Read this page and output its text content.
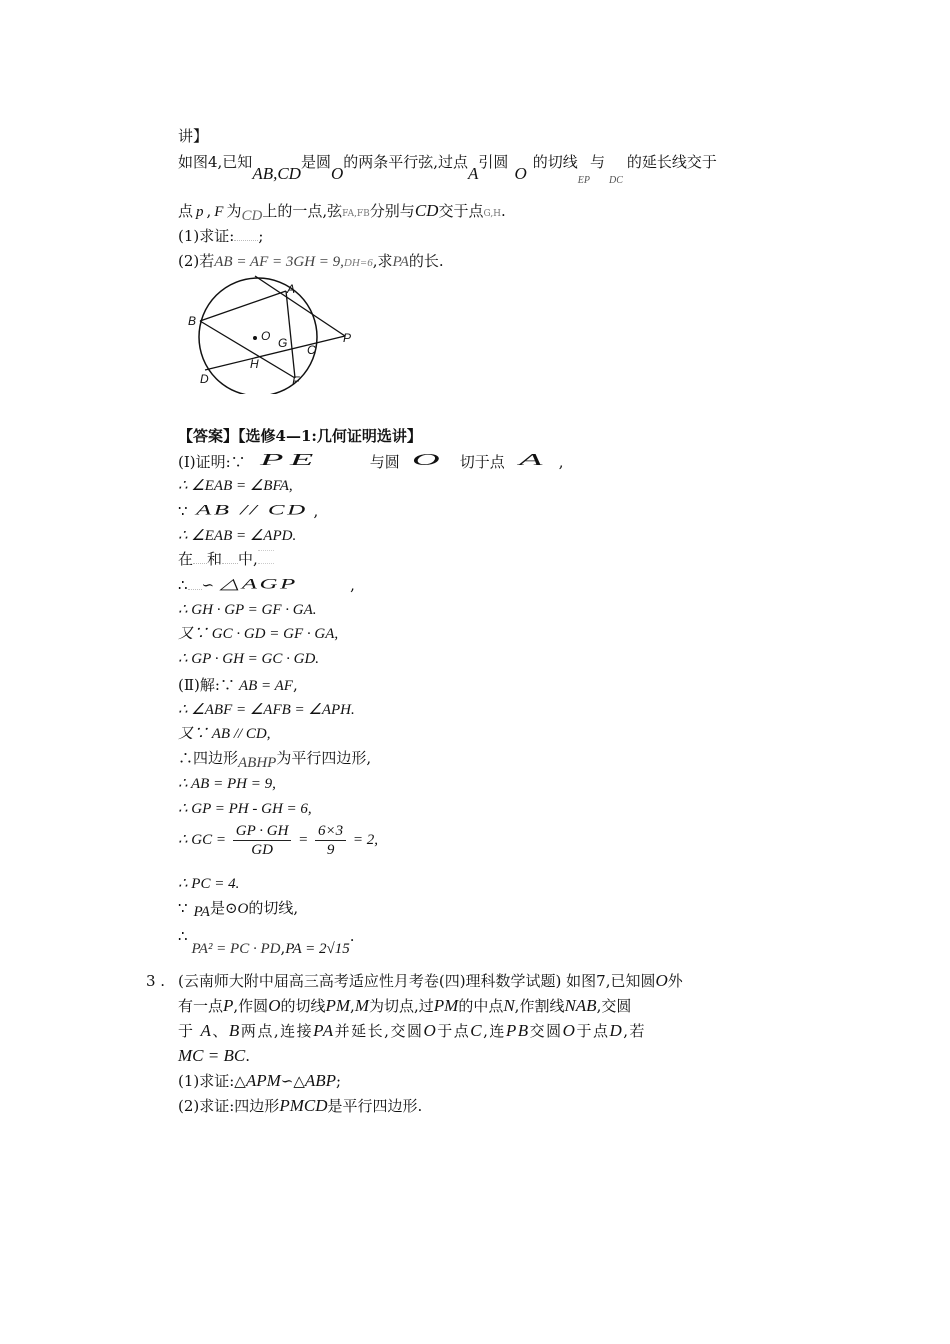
讲】
如图4,已知AB,CD是圆O的两条平行弦,过点A引圆O的切线$_{EP}$与$_{DC}$的延长线交于
点 p , F 为CD上的一点,弦FA,FB分别与CD交于点G,H.
(1)求证: ;
(2)若AB = AF = 3GH = 9,DH=6,求PA的长.
A
B
O G C
P
H
D	F
【答案】【选修4—1:几何证明选讲】
(Ⅰ)证明:∵ PE	与圆 O 切于点 A ,
∴ ∠EAB = ∠BFA,
∵ AB // CD ,
∴ ∠EAB = ∠APD.
在 和 中,
∴ ∽ △AGP	,
∴ GH · GP = GF · GA.
又∵ GC · GD = GF · GA,
∴ GP · GH = GC · GD.
(Ⅱ)解:∵ AB = AF,
∴ ∠ABF = ∠AFB = ∠APH.
又∵ AB // CD,
∴四边形ABHP为平行四边形,
∴ AB = PH = 9,
∴ GP = PH - GH = 6,
∴ GC = $\frac{GP \cdot GH}{GD} = \frac{6\times 3}{9} = 2$,
∴ PC = 4.
∵ PA是⊙O的切线,
∴PA² = PC · PD,PA = 2√15.
3 . (云南师大附中届高三高考适应性月考卷(四)理科数学试题) 如图7,已知圆O外
有一点P,作圆O的切线PM,M为切点,过PM的中点N,作割线NAB,交圆
于 A、B两点,连接PA并延长,交圆O于点C,连PB交圆O于点D,若
MC = BC.
(1)求证:△APM∽△ABP;
(2)求证:四边形PMCD是平行四边形.
